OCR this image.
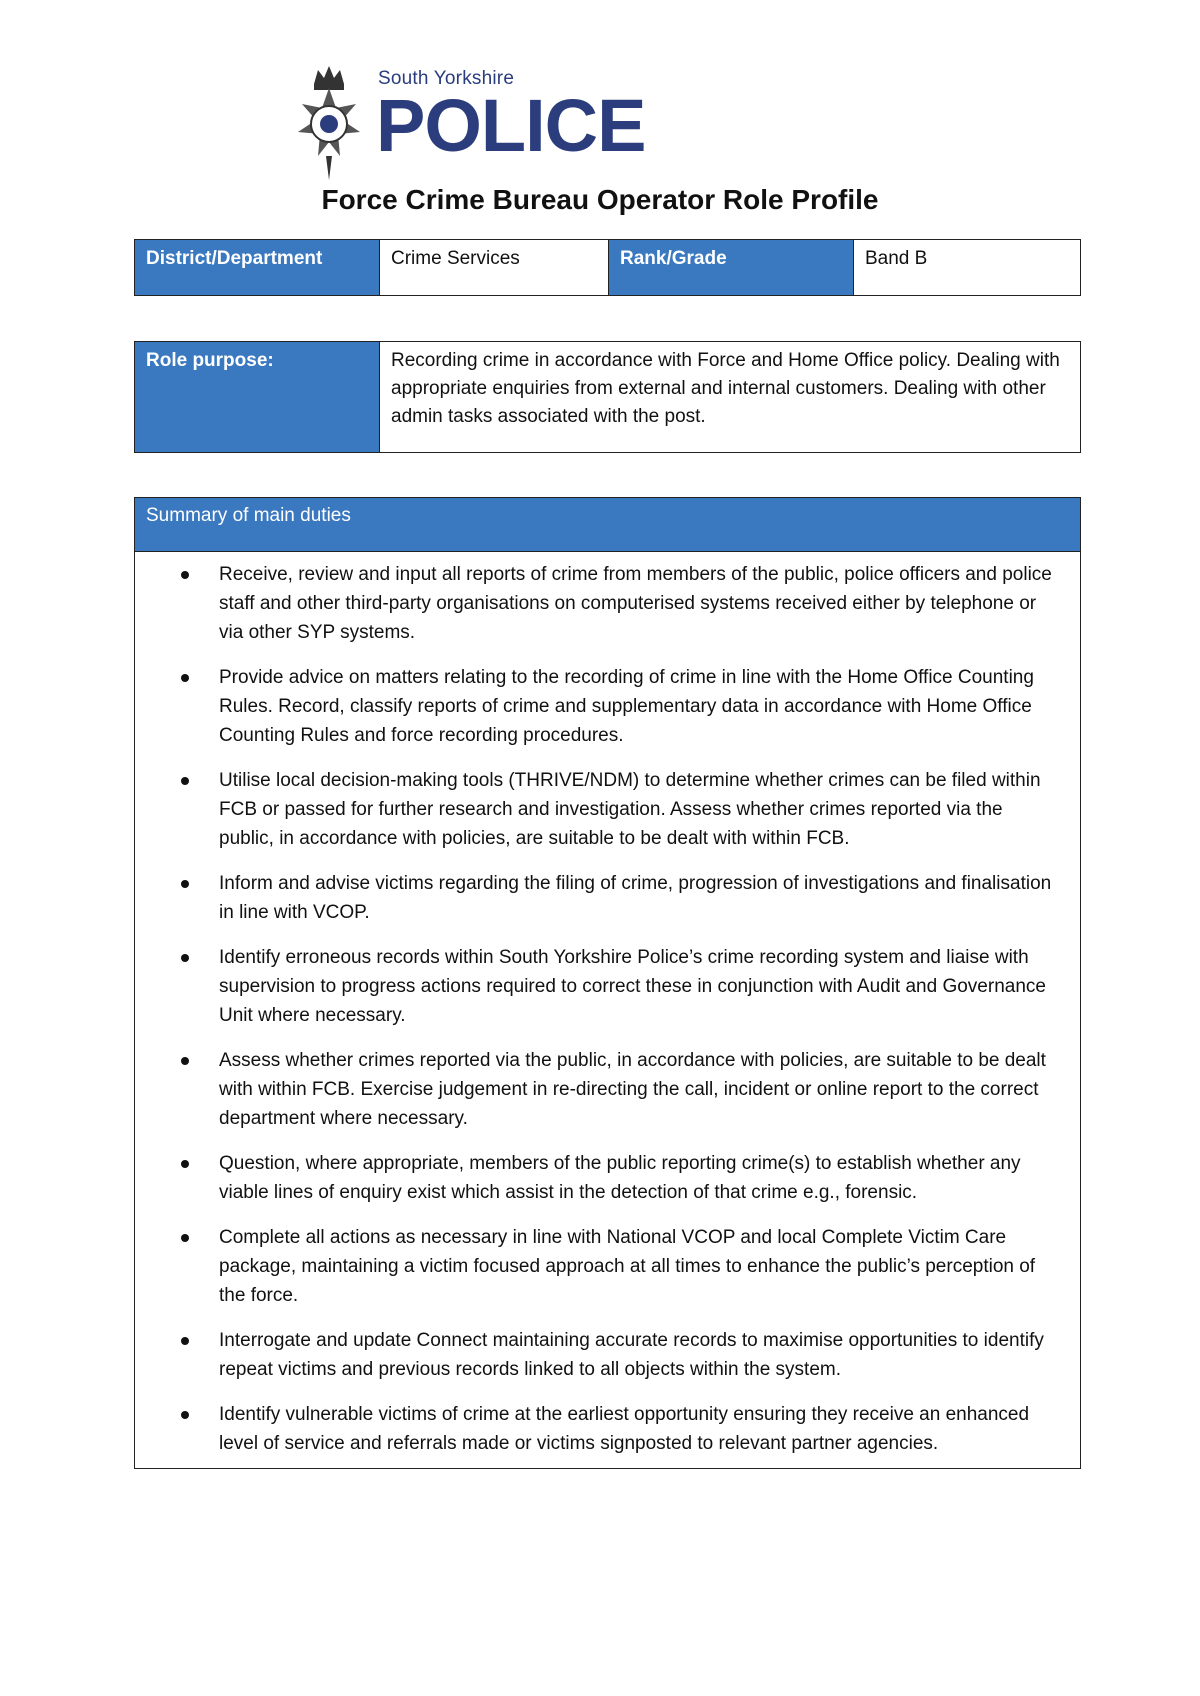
South Yorkshire
POLICE
Force Crime Bureau Operator Role Profile
District/Department	Crime Services	Rank/Grade	Band B
Role purpose:	Recording crime in accordance with Force and Home Office policy. Dealing with appropriate enquiries from external and internal customers. Dealing with other admin tasks associated with the post.
Summary of main duties

Receive, review and input all reports of crime from members of the public, police officers and police staff and other third-party organisations on computerised systems received either by telephone or via other SYP systems.
Provide advice on matters relating to the recording of crime in line with the Home Office Counting Rules. Record, classify reports of crime and supplementary data in accordance with Home Office Counting Rules and force recording procedures.
Utilise local decision-making tools (THRIVE/NDM) to determine whether crimes can be filed within FCB or passed for further research and investigation. Assess whether crimes reported via the public, in accordance with policies, are suitable to be dealt with within FCB.
Inform and advise victims regarding the filing of crime, progression of investigations and finalisation in line with VCOP.
Identify erroneous records within South Yorkshire Police’s crime recording system and liaise with supervision to progress actions required to correct these in conjunction with Audit and Governance Unit where necessary.
Assess whether crimes reported via the public, in accordance with policies, are suitable to be dealt with within FCB. Exercise judgement in re-directing the call, incident or online report to the correct department where necessary.
Question, where appropriate, members of the public reporting crime(s) to establish whether any viable lines of enquiry exist which assist in the detection of that crime e.g., forensic.
Complete all actions as necessary in line with National VCOP and local Complete Victim Care package, maintaining a victim focused approach at all times to enhance the public’s perception of the force.
Interrogate and update Connect maintaining accurate records to maximise opportunities to identify repeat victims and previous records linked to all objects within the system.
Identify vulnerable victims of crime at the earliest opportunity ensuring they receive an enhanced level of service and referrals made or victims signposted to relevant partner agencies.
